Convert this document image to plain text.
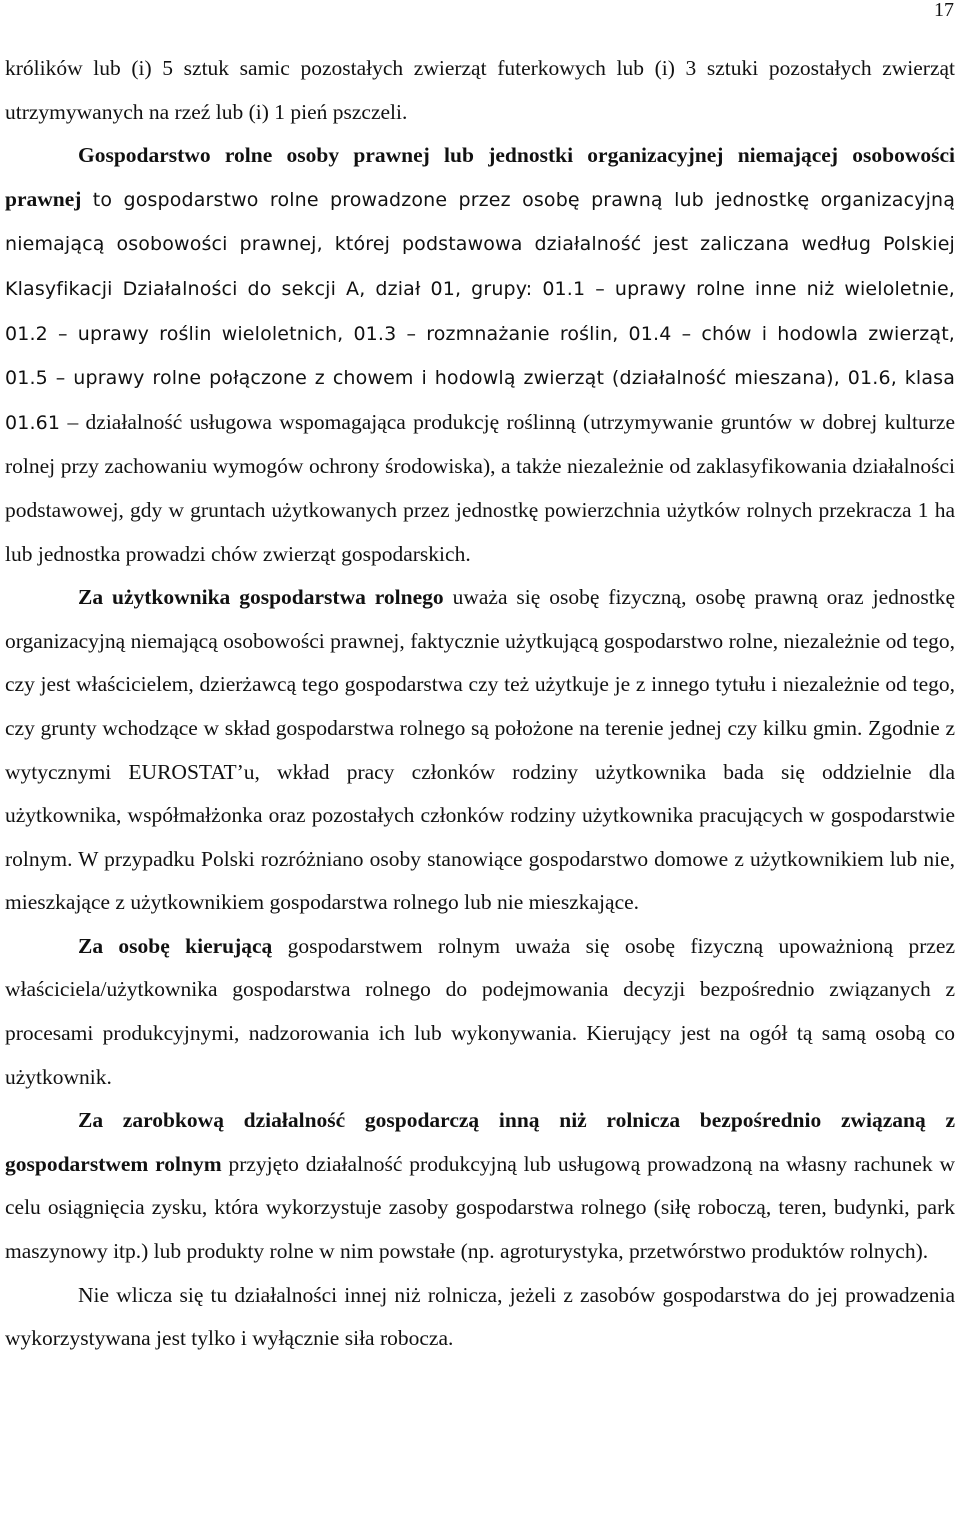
17

królików lub (i) 5 sztuk samic pozostałych zwierząt futerkowych lub (i) 3 sztuki pozostałych zwierząt utrzymywanych na rzeź lub (i) 1 pień pszczeli.

Gospodarstwo rolne osoby prawnej lub jednostki organizacyjnej niemającej osobowości prawnej to gospodarstwo rolne prowadzone przez osobę prawną lub jednostkę organizacyjną niemającą osobowości prawnej, której podstawowa działalność jest zaliczana według Polskiej Klasyfikacji Działalności do sekcji A, dział 01, grupy: 01.1 – uprawy rolne inne niż wieloletnie, 01.2 – uprawy roślin wieloletnich, 01.3 – rozmnażanie roślin, 01.4 – chów i hodowla zwierząt, 01.5 – uprawy rolne połączone z chowem i hodowlą zwierząt (działalność mieszana), 01.6, klasa 01.61 – działalność usługowa wspomagająca produkcję roślinną (utrzymywanie gruntów w dobrej kulturze rolnej przy zachowaniu wymogów ochrony środowiska), a także niezależnie od zaklasyfikowania działalności podstawowej, gdy w gruntach użytkowanych przez jednostkę powierzchnia użytków rolnych przekracza 1 ha lub jednostka prowadzi chów zwierząt gospodarskich.

Za użytkownika gospodarstwa rolnego uważa się osobę fizyczną, osobę prawną oraz jednostkę organizacyjną niemającą osobowości prawnej, faktycznie użytkującą gospodarstwo rolne, niezależnie od tego, czy jest właścicielem, dzierżawcą tego gospodarstwa czy też użytkuje je z innego tytułu i niezależnie od tego, czy grunty wchodzące w skład gospodarstwa rolnego są położone na terenie jednej czy kilku gmin. Zgodnie z wytycznymi EUROSTAT’u, wkład pracy członków rodziny użytkownika bada się oddzielnie dla użytkownika, współmałżonka oraz pozostałych członków rodziny użytkownika pracujących w gospodarstwie rolnym. W przypadku Polski rozróżniano osoby stanowiące gospodarstwo domowe z użytkownikiem lub nie, mieszkające z użytkownikiem gospodarstwa rolnego lub nie mieszkające.

Za osobę kierującą gospodarstwem rolnym uważa się osobę fizyczną upoważnioną przez właściciela/użytkownika gospodarstwa rolnego do podejmowania decyzji bezpośrednio związanych z procesami produkcyjnymi, nadzorowania ich lub wykonywania. Kierujący jest na ogół tą samą osobą co użytkownik.

Za zarobkową działalność gospodarczą inną niż rolnicza bezpośrednio związaną z gospodarstwem rolnym przyjęto działalność produkcyjną lub usługową prowadzoną na własny rachunek w celu osiągnięcia zysku, która wykorzystuje zasoby gospodarstwa rolnego (siłę roboczą, teren, budynki, park maszynowy itp.) lub produkty rolne w nim powstałe (np. agroturystyka, przetwórstwo produktów rolnych).

Nie wlicza się tu działalności innej niż rolnicza, jeżeli z zasobów gospodarstwa do jej prowadzenia wykorzystywana jest tylko i wyłącznie siła robocza.
